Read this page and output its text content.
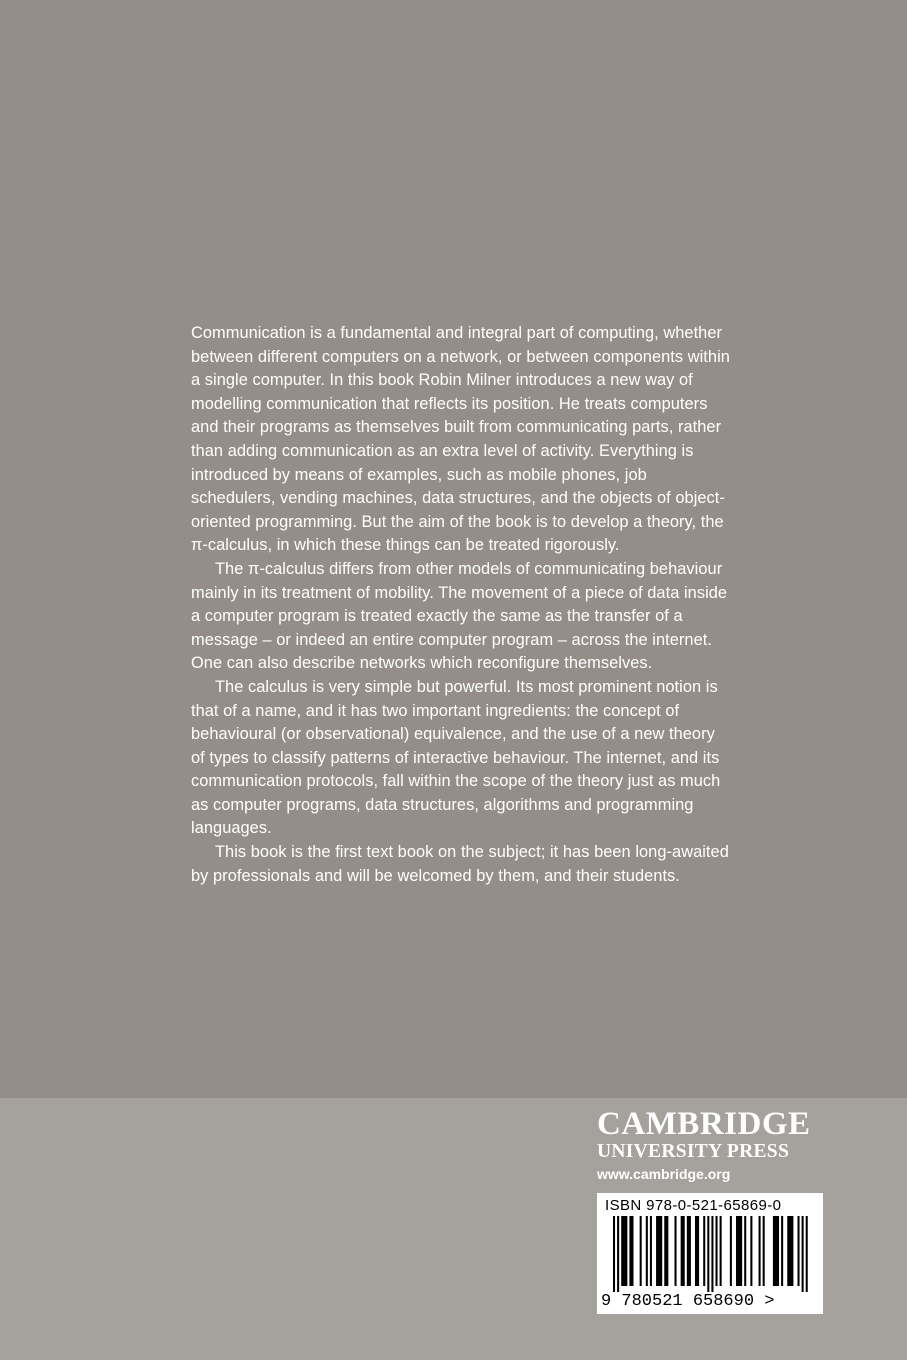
Communication is a fundamental and integral part of computing, whether between different computers on a network, or between components within a single computer. In this book Robin Milner introduces a new way of modelling communication that reflects its position. He treats computers and their programs as themselves built from communicating parts, rather than adding communication as an extra level of activity. Everything is introduced by means of examples, such as mobile phones, job schedulers, vending machines, data structures, and the objects of object-oriented programming. But the aim of the book is to develop a theory, the π-calculus, in which these things can be treated rigorously.

The π-calculus differs from other models of communicating behaviour mainly in its treatment of mobility. The movement of a piece of data inside a computer program is treated exactly the same as the transfer of a message – or indeed an entire computer program – across the internet. One can also describe networks which reconfigure themselves.

The calculus is very simple but powerful. Its most prominent notion is that of a name, and it has two important ingredients: the concept of behavioural (or observational) equivalence, and the use of a new theory of types to classify patterns of interactive behaviour. The internet, and its communication protocols, fall within the scope of the theory just as much as computer programs, data structures, algorithms and programming languages.

This book is the first text book on the subject; it has been long-awaited by professionals and will be welcomed by them, and their students.

CAMBRIDGE
UNIVERSITY PRESS
www.cambridge.org
ISBN 978-0-521-65869-0
9 780521 658690 >
